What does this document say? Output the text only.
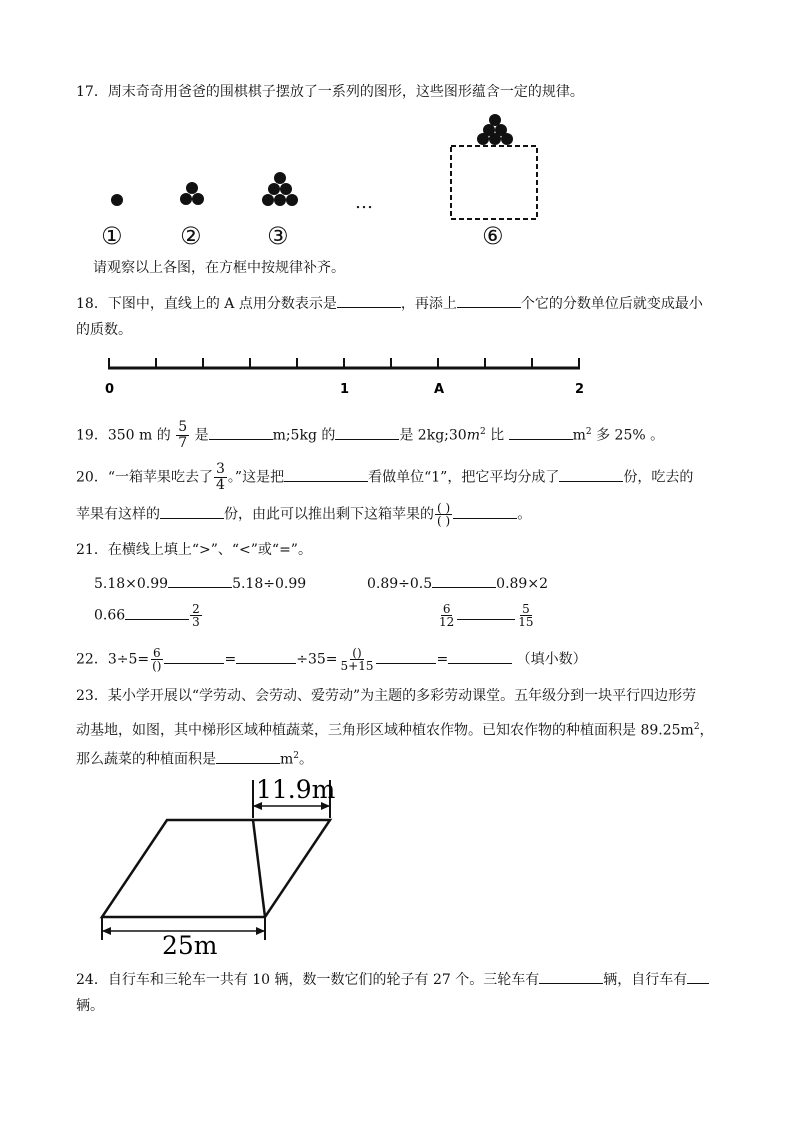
17．周末奇奇用爸爸的围棋棋子摆放了一系列的图形，这些图形蕴含一定的规律。
…
① ②	③	⑥
请观察以上各图，在方框中按规律补齐。
18．下图中，直线上的 A 点用分数表示是	，再添上	个它的分数单位后就变成最小
的质数。
0	1	A	2
19．350 m 的 $\frac{5}{7}$ 是	m;5kg 的	是 $2kg;30m^2$ 比	$m^2$ 多 25% 。
20．“一箱苹果吃去了 $\frac{3}{4}$ 。”这是把	看做单位“1”，把它平均分成了	份，吃去的
苹果有这样的	份，由此可以推出剩下这箱苹果的 $\frac{( )}{( )}$	。
21．在横线上填上“>”、“<”或“=”。
5.18×0.99	5.18÷0.99	0.89÷0.5	0.89×2
0.66	$\frac{2}{3}$	$\frac{6}{12}$	$\frac{5}{15}$
22．$3\div 5= \frac{6}{()}$	=	$\div 35= \frac{()}{5+15}$	=	（填小数）
23．某小学开展以“学劳动、会劳动、爱劳动”为主题的多彩劳动课堂。五年级分到一块平行四边形劳
动基地，如图，其中梯形区域种植蔬菜，三角形区域种植农作物。已知农作物的种植面积是 $89.25m^2$，
那么蔬菜的种植面积是	$m^2$。
11.9m
25m
24．自行车和三轮车一共有 10 辆，数一数它们的轮子有 27 个。三轮车有	辆，自行车有
辆。
